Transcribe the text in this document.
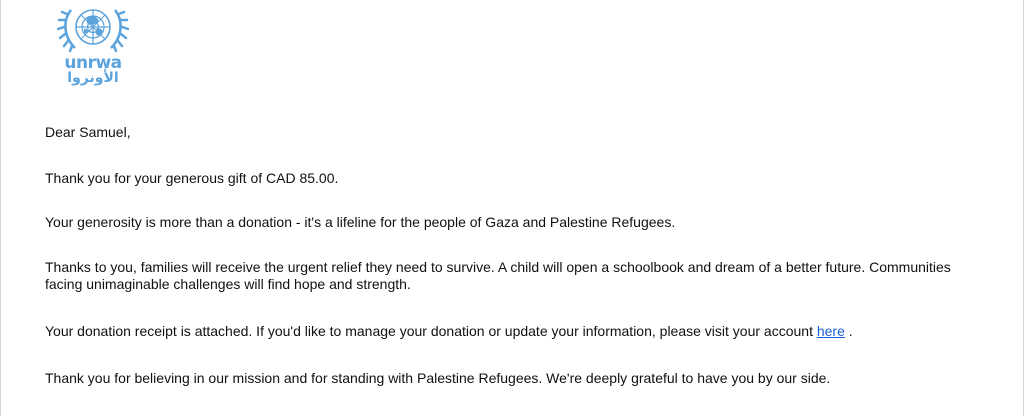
unrwa
الأونروا

Dear Samuel,

Thank you for your generous gift of CAD 85.00.

Your generosity is more than a donation - it's a lifeline for the people of Gaza and Palestine Refugees.

Thanks to you, families will receive the urgent relief they need to survive. A child will open a schoolbook and dream of a better future. Communities facing unimaginable challenges will find hope and strength.

Your donation receipt is attached. If you'd like to manage your donation or update your information, please visit your account here .

Thank you for believing in our mission and for standing with Palestine Refugees. We're deeply grateful to have you by our side.
